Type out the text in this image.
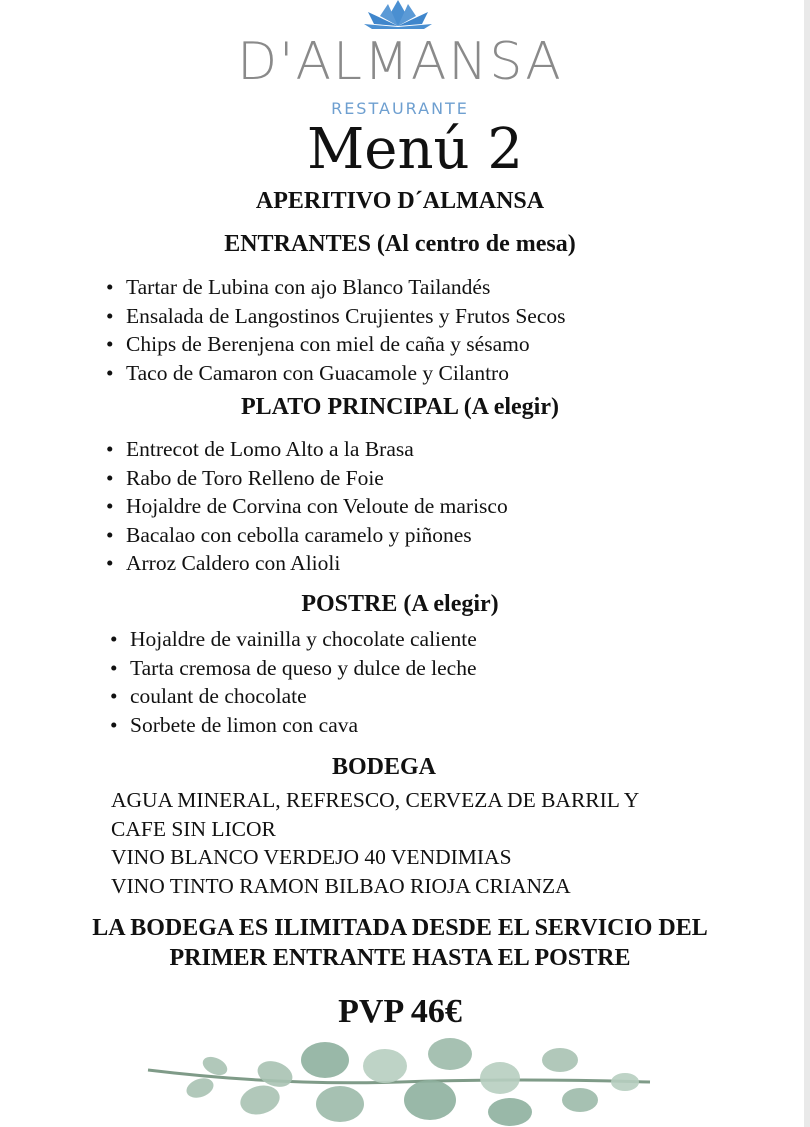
D'ALMANSA
RESTAURANTE
Menú 2
APERITIVO D´ALMANSA
ENTRANTES (Al centro de mesa)
• Tartar de Lubina con ajo Blanco Tailandés
• Ensalada de Langostinos Crujientes y Frutos Secos
• Chips de Berenjena con miel de caña y sésamo
• Taco de Camaron con Guacamole y Cilantro
PLATO PRINCIPAL (A elegir)
• Entrecot de Lomo Alto a la Brasa
• Rabo de Toro Relleno de Foie
• Hojaldre de Corvina con Veloute de marisco
• Bacalao con cebolla caramelo y piñones
• Arroz Caldero con Alioli
POSTRE (A elegir)
• Hojaldre de vainilla y chocolate caliente
• Tarta cremosa de queso y dulce de leche
• coulant de chocolate
• Sorbete de limon con cava
BODEGA
AGUA MINERAL, REFRESCO, CERVEZA DE BARRIL Y
CAFE SIN LICOR
VINO BLANCO VERDEJO 40 VENDIMIAS
VINO TINTO RAMON BILBAO RIOJA CRIANZA
LA BODEGA ES ILIMITADA DESDE EL SERVICIO DEL
PRIMER ENTRANTE HASTA EL POSTRE
PVP 46€
